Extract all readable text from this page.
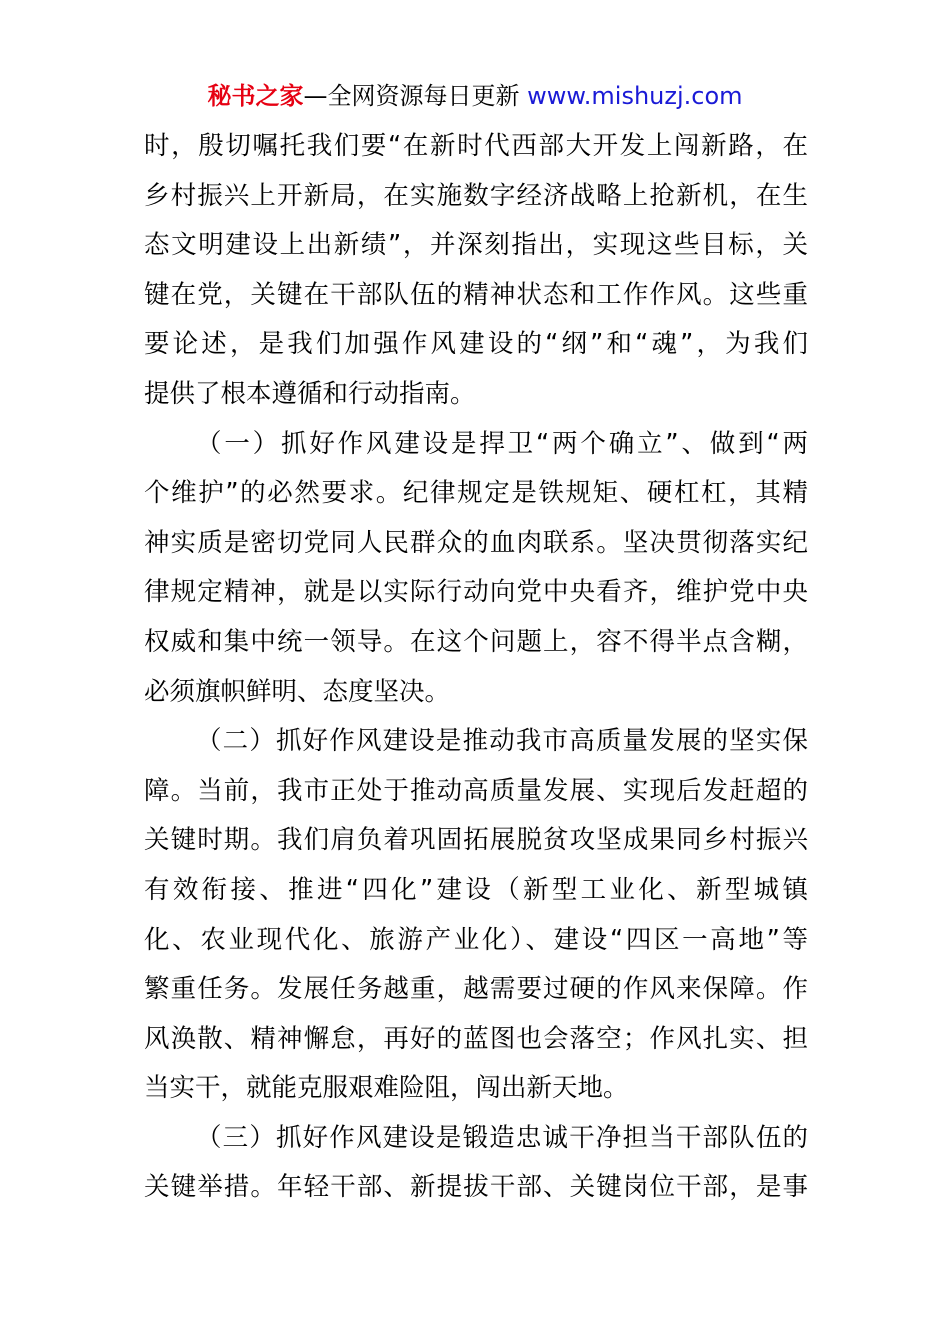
秘书之家—全网资源每日更新 www.mishuzj.com
时，殷切嘱托我们要“在新时代西部大开发上闯新路，在
乡村振兴上开新局，在实施数字经济战略上抢新机，在生
态文明建设上出新绩”，并深刻指出，实现这些目标，关
键在党，关键在干部队伍的精神状态和工作作风。这些重
要论述，是我们加强作风建设的“纲”和“魂”，为我们
提供了根本遵循和行动指南。
（一）抓好作风建设是捍卫“两个确立”、做到“两
个维护”的必然要求。纪律规定是铁规矩、硬杠杠，其精
神实质是密切党同人民群众的血肉联系。坚决贯彻落实纪
律规定精神，就是以实际行动向党中央看齐，维护党中央
权威和集中统一领导。在这个问题上，容不得半点含糊，
必须旗帜鲜明、态度坚决。
（二）抓好作风建设是推动我市高质量发展的坚实保
障。当前，我市正处于推动高质量发展、实现后发赶超的
关键时期。我们肩负着巩固拓展脱贫攻坚成果同乡村振兴
有效衔接、推进“四化”建设（新型工业化、新型城镇
化、农业现代化、旅游产业化）、建设“四区一高地”等
繁重任务。发展任务越重，越需要过硬的作风来保障。作
风涣散、精神懈怠，再好的蓝图也会落空；作风扎实、担
当实干，就能克服艰难险阻，闯出新天地。
（三）抓好作风建设是锻造忠诚干净担当干部队伍的
关键举措。年轻干部、新提拔干部、关键岗位干部，是事
